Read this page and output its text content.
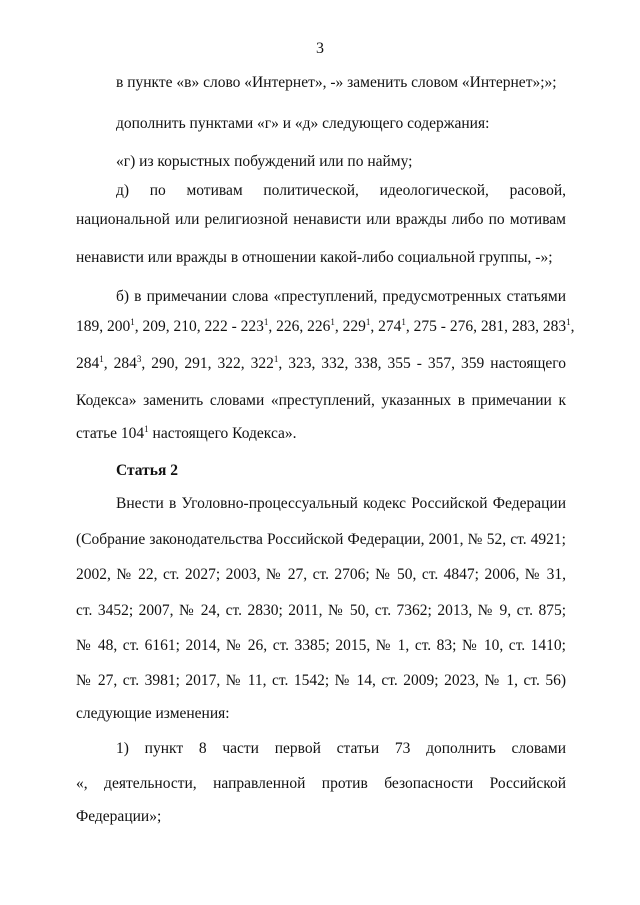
3
в пункте «в» слово «Интернет», -» заменить словом «Интернет»;»;
дополнить пунктами «г» и «д» следующего содержания:
«г) из корыстных побуждений или по найму;
д) по мотивам политической, идеологической, расовой,
национальной или религиозной ненависти или вражды либо по мотивам
ненависти или вражды в отношении какой-либо социальной группы, -»;
б) в примечании слова «преступлений, предусмотренных статьями
189, $200^1$, 209, 210, $222 - 223^1$, 226, $226^1$, $229^1$, $274^1$, 275 - 276, 281, 283, $283^1$,
$284^1$, $284^3$, 290, 291, 322, $322^1$, 323, 332, 338, 355 - 357, 359 настоящего
Кодекса» заменить словами «преступлений, указанных в примечании к
статье $104^1$ настоящего Кодекса».
Статья 2
Внести в Уголовно-процессуальный кодекс Российской Федерации
(Собрание законодательства Российской Федерации, 2001, № 52, ст. 4921;
2002, № 22, ст. 2027; 2003, № 27, ст. 2706; № 50, ст. 4847; 2006, № 31,
ст. 3452; 2007, № 24, ст. 2830; 2011, № 50, ст. 7362; 2013, № 9, ст. 875;
№ 48, ст. 6161; 2014, № 26, ст. 3385; 2015, № 1, ст. 83; № 10, ст. 1410;
№ 27, ст. 3981; 2017, № 11, ст. 1542; № 14, ст. 2009; 2023, № 1, ст. 56)
следующие изменения:
1) пункт 8 части первой статьи 73 дополнить словами
«, деятельности, направленной против безопасности Российской
Федерации»;
